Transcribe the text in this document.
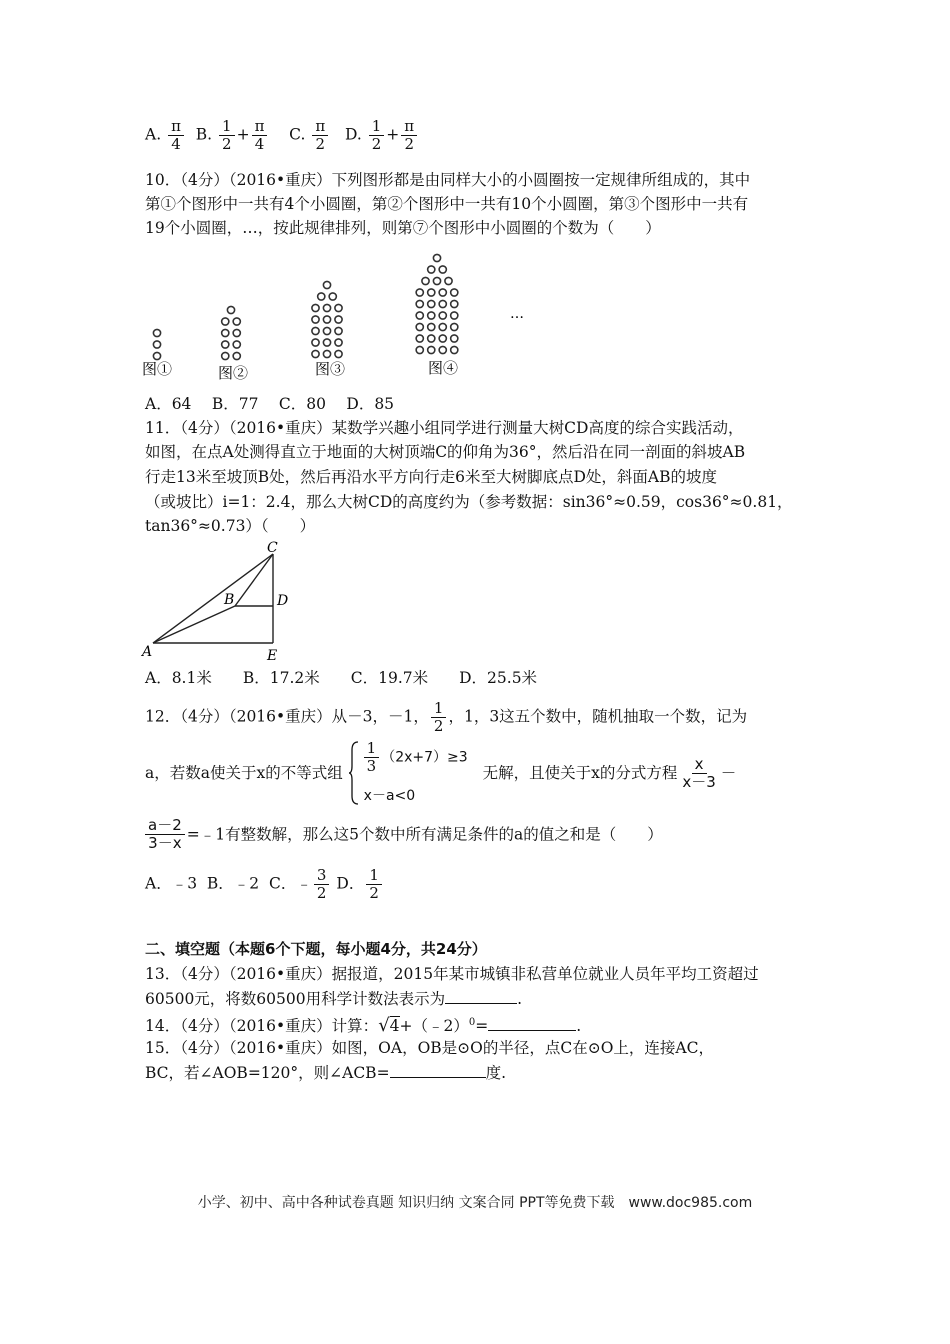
A. $\frac{\pi}{4} B$. $\frac{1}{2} + \frac{\pi}{4} C$. $\frac{\pi}{2} D$. $\frac{1}{2} + \frac{\pi}{2}$
10．（4分）（2016•重庆）下列图形都是由同样大小的小圆圈按一定规律所组成的，其中
第①个图形中一共有4个小圆圈，第②个图形中一共有10个小圆圈，第③个图形中一共有
19个小圆圈，…，按此规律排列，则第⑦个图形中小圆圈的个数为（　　）
图①	图②	图③	图④
…
A．64　 B．77　 C．80　 D．85
11．（4分）（2016•重庆）某数学兴趣小组同学进行测量大树CD高度的综合实践活动，
如图，在点A处测得直立于地面的大树顶端C的仰角为36°，然后沿在同一剖面的斜坡AB
行走13米至坡顶B处，然后再沿水平方向行走6米至大树脚底点D处，斜面AB的坡度
（或坡比）i=1：2.4，那么大树CD的高度约为（参考数据：sin36°≈0.59，cos36°≈0.81，
tan36°≈0.73）（　　）
A
B
C
D
E
A．8.1米　　B．17.2米　　C．19.7米　　D．25.5米
12．（4分）（2016•重庆）从－3，－1， $\frac{1}{2}$ ，1，3这五个数中，随机抽取一个数，记为
a，若数a使关于x的不等式组 $\frac{1}{3} (2x+7)\ge 3$
x－a<0
无解，且使关于x的分式方程 $\frac{x}{x-3}$ －
$\frac{a-2}{3-x}$ =﹣1有整数解，那么这5个数中所有满足条件的a的值之和是（　　）
A．﹣3 B．﹣2 C．﹣ $\frac{3}{2}$ D． $\frac{1}{2}$
二、填空题（本题6个下题，每小题4分，共24分）
13．（4分）（2016•重庆）据报道，2015年某市城镇非私营单位就业人员年平均工资超过
60500元，将数60500用科学计数法表示为	.
14．（4分）（2016•重庆）计算：√4+（﹣2）$^0$=	.
15．（4分）（2016•重庆）如图，OA，OB是⊙O的半径，点C在⊙O上，连接AC，
BC，若∠AOB=120°，则∠ACB=	度.
小学、初中、高中各种试卷真题 知识归纳 文案合同 PPT等免费下载　www.doc985.com
